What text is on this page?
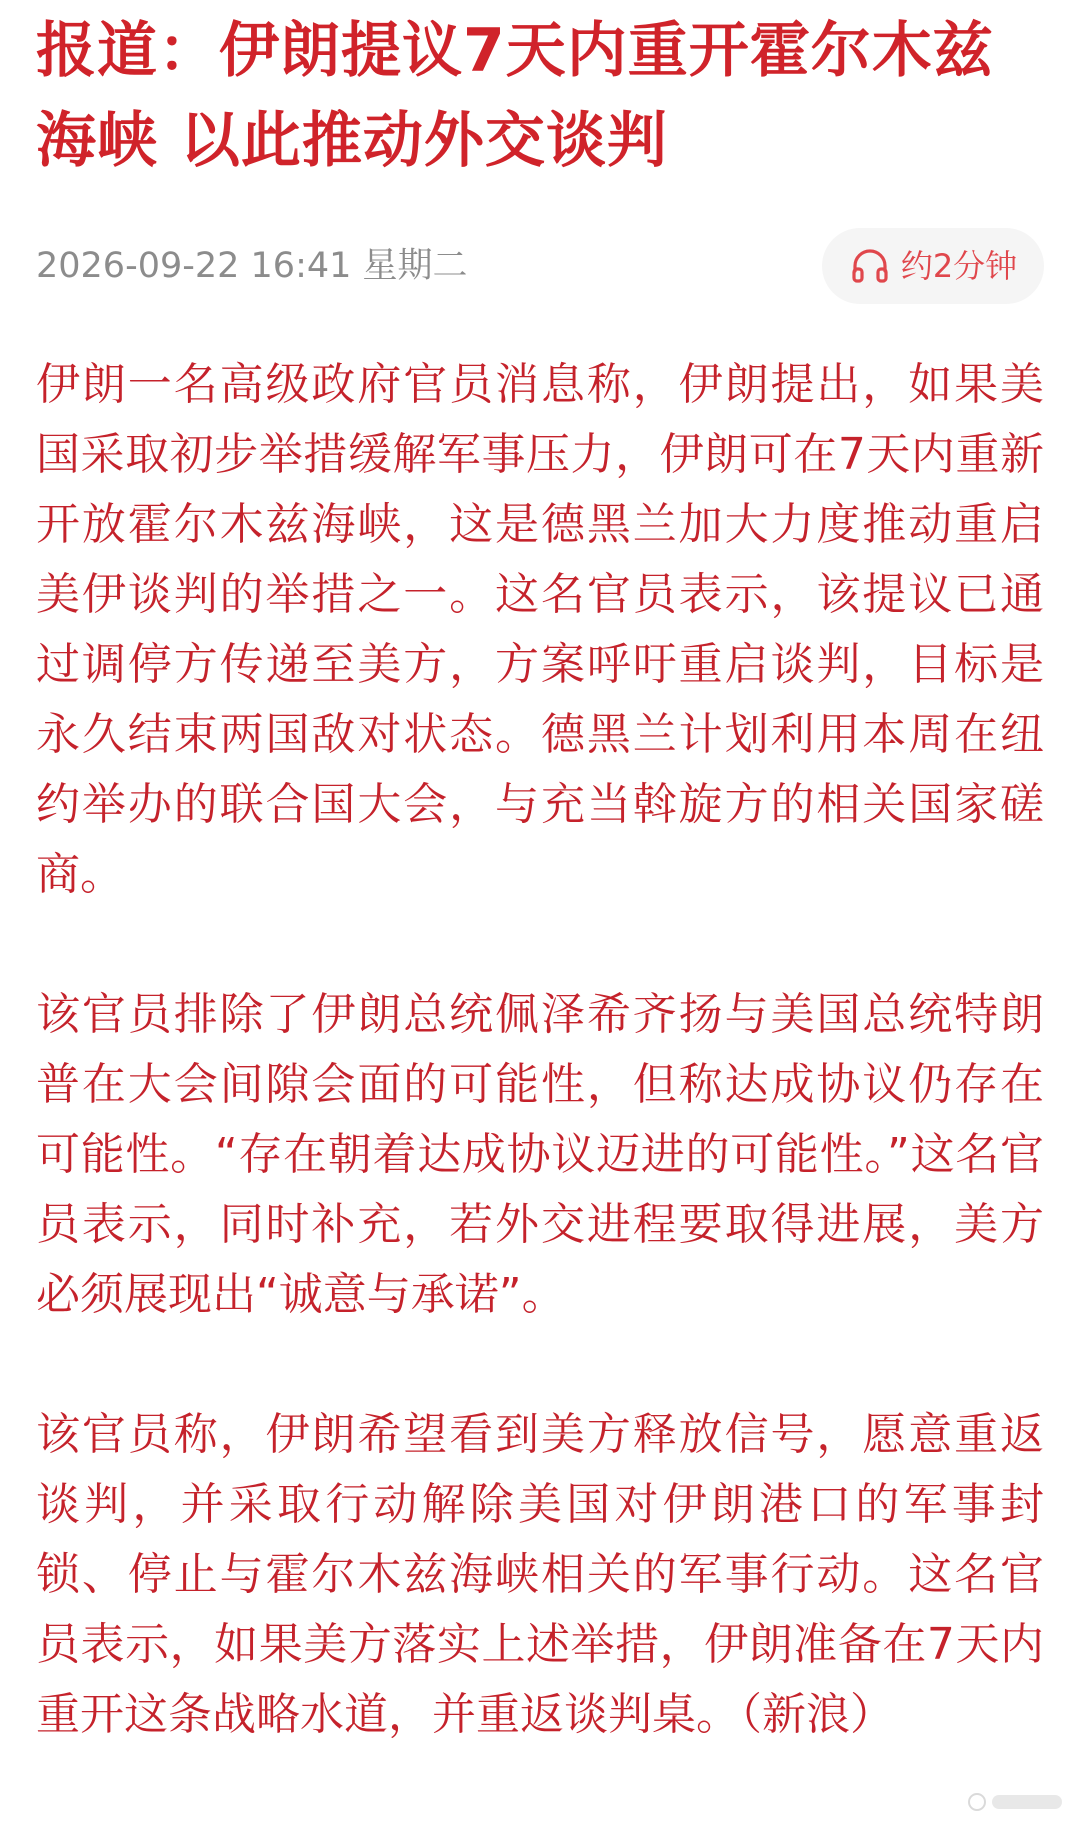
报道：伊朗提议7天内重开霍尔木兹海峡 以此推动外交谈判
2026-09-22 16:41 星期二	约2分钟

伊朗一名高级政府官员消息称，伊朗提出，如果美国采取初步举措缓解军事压力，伊朗可在7天内重新开放霍尔木兹海峡，这是德黑兰加大力度推动重启美伊谈判的举措之一。这名官员表示，该提议已通过调停方传递至美方，方案呼吁重启谈判，目标是永久结束两国敌对状态。德黑兰计划利用本周在纽约举办的联合国大会，与充当斡旋方的相关国家磋商。

该官员排除了伊朗总统佩泽希齐扬与美国总统特朗普在大会间隙会面的可能性，但称达成协议仍存在可能性。“存在朝着达成协议迈进的可能性。”这名官员表示，同时补充，若外交进程要取得进展，美方必须展现出“诚意与承诺”。

该官员称，伊朗希望看到美方释放信号，愿意重返谈判，并采取行动解除美国对伊朗港口的军事封锁、停止与霍尔木兹海峡相关的军事行动。这名官员表示，如果美方落实上述举措，伊朗准备在7天内重开这条战略水道，并重返谈判桌。（新浪）
